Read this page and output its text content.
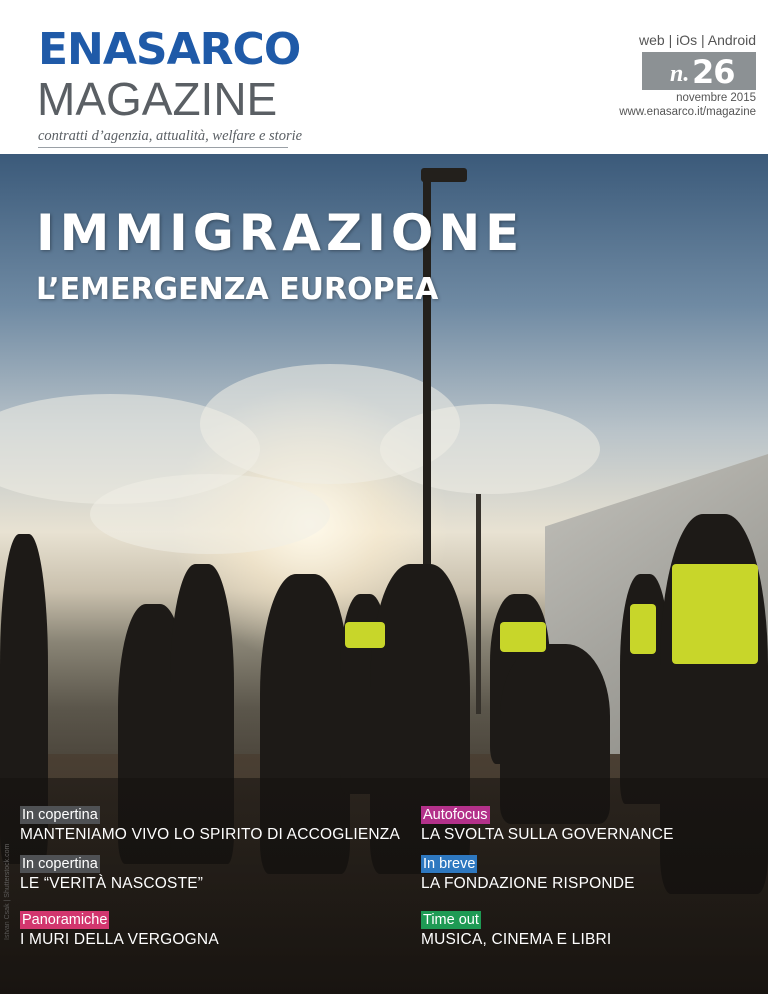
ENASARCO
MAGAZINE
contratti d’agenzia, attualità, welfare e storie
web | iOs | Android
n. 26
novembre 2015
www.enasarco.it/magazine
IMMIGRAZIONE
L’EMERGENZA EUROPEA
In copertina
MANTENIAMO VIVO LO SPIRITO DI ACCOGLIENZA
In copertina
LE “VERITÀ NASCOSTE”
Panoramiche
I MURI DELLA VERGOGNA
Autofocus
LA SVOLTA SULLA GOVERNANCE
In breve
LA FONDAZIONE RISPONDE
Time out
MUSICA, CINEMA E LIBRI
